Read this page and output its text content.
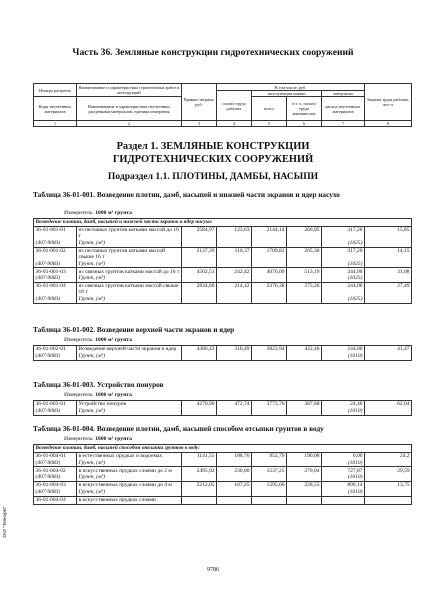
Часть 36. Земляные конструкции гидротехнических сооружений
Номера расценок	Наименование и характеристика строительных работ и конструкций	Прямые затраты, руб.	В том числе, руб.				Затраты труда рабочих, чел.-ч
			оплата труда рабочих	эксплуатация машин		материалы	
Коды неучтенных материалов	Наименование и характеристика неучтенных расценками материалов, единица измерения			всего	в т. ч. оплата труда машинистов	расход неучтенных материалов	

1	2	3	4	5	6	7	8
Раздел 1. ЗЕМЛЯНЫЕ КОНСТРУКЦИИ ГИДРОТЕХНИЧЕСКИХ СООРУЖЕНИЙ
Подраздел 1.1. ПЛОТИНЫ, ДАМБЫ, НАСЫПИ
Таблица 36-01-001. Возведение плотин, дамб, насыпей и нижней части экранов и ядер насухо
Измеритель: 1000 м³ грунта
Возведение плотин, дамб, насыпей и нижней части экранов и ядер насухо:							
36-01-001-01	из песчаных грунтов катками массой до 16 т	2584,97	123,63	2144,14	266,95	317,20	15,85
(407-9083)	Грунт, (м³)					(1025)	
36-01-001-02	из песчаных грунтов катками массой свыше 16 т	2137,39	110,37	1709,82	205,30	317,20	14,15
(407-9083)	Грунт, (м³)					(1025)	
36-01-001-03	из связных грунтов катками массой до 16 т	4562,51	242,42	4076,09	513,19	244,00	31,08
(407-9083)	Грунт, (м³)					(1025)	
36-01-001-04	из связных грунтов катками массой свыше 16 т	2834,80	214,42	2376,38	275,26	244,00	27,49
(407-9083)	Грунт, (м³)					(1025)	
Таблица 36-01-002. Возведение верхней части экранов и ядер
Измеритель: 1000 м³ грунта
36-01-002-01	Возведение верхней части экранов и ядер	4386,43	318,49	3823,94	422,46	244,00	41,47
(407-9083)	Грунт, (м³)					(1010)	
Таблица 36-01-003. Устройство понуров
Измеритель: 1000 м³ грунта
36-01-003-01	Устройство понуров	4270,90	472,74	3773,76	387,68	24,40	62,04
(407-9083)	Грунт, (м³)					(1010)	
Таблица 36-01-004. Возведение плотин, дамб, насыпей способом отсыпки грунтов в воду
Измеритель: 1000 м³ грунта
Возведение плотин, дамб, насыпей способом отсыпки грунтов в воду:							
36-01-004-01	в естественных прудках и водоемах	1141,55	188,76	952,79	190,08	0,00	24,2
(407-9083)	Грунт, (м³)					(1010)	
36-01-004-02	в искусственных прудках слоями до 2 м	2495,92	230,80	1537,25	270,04	727,87	29,59
(407-9083)	Грунт, (м³)					(1010)	
36-01-004-03	в искусственных прудках слоями до 4 м	2212,05	107,25	1295,66	228,55	809,14	13,75
(407-9083)	Грунт, (м³)					(1010)	
36-01-004-04	в искусственных прудках слоями						

9786
ЗАО "Технорм"
